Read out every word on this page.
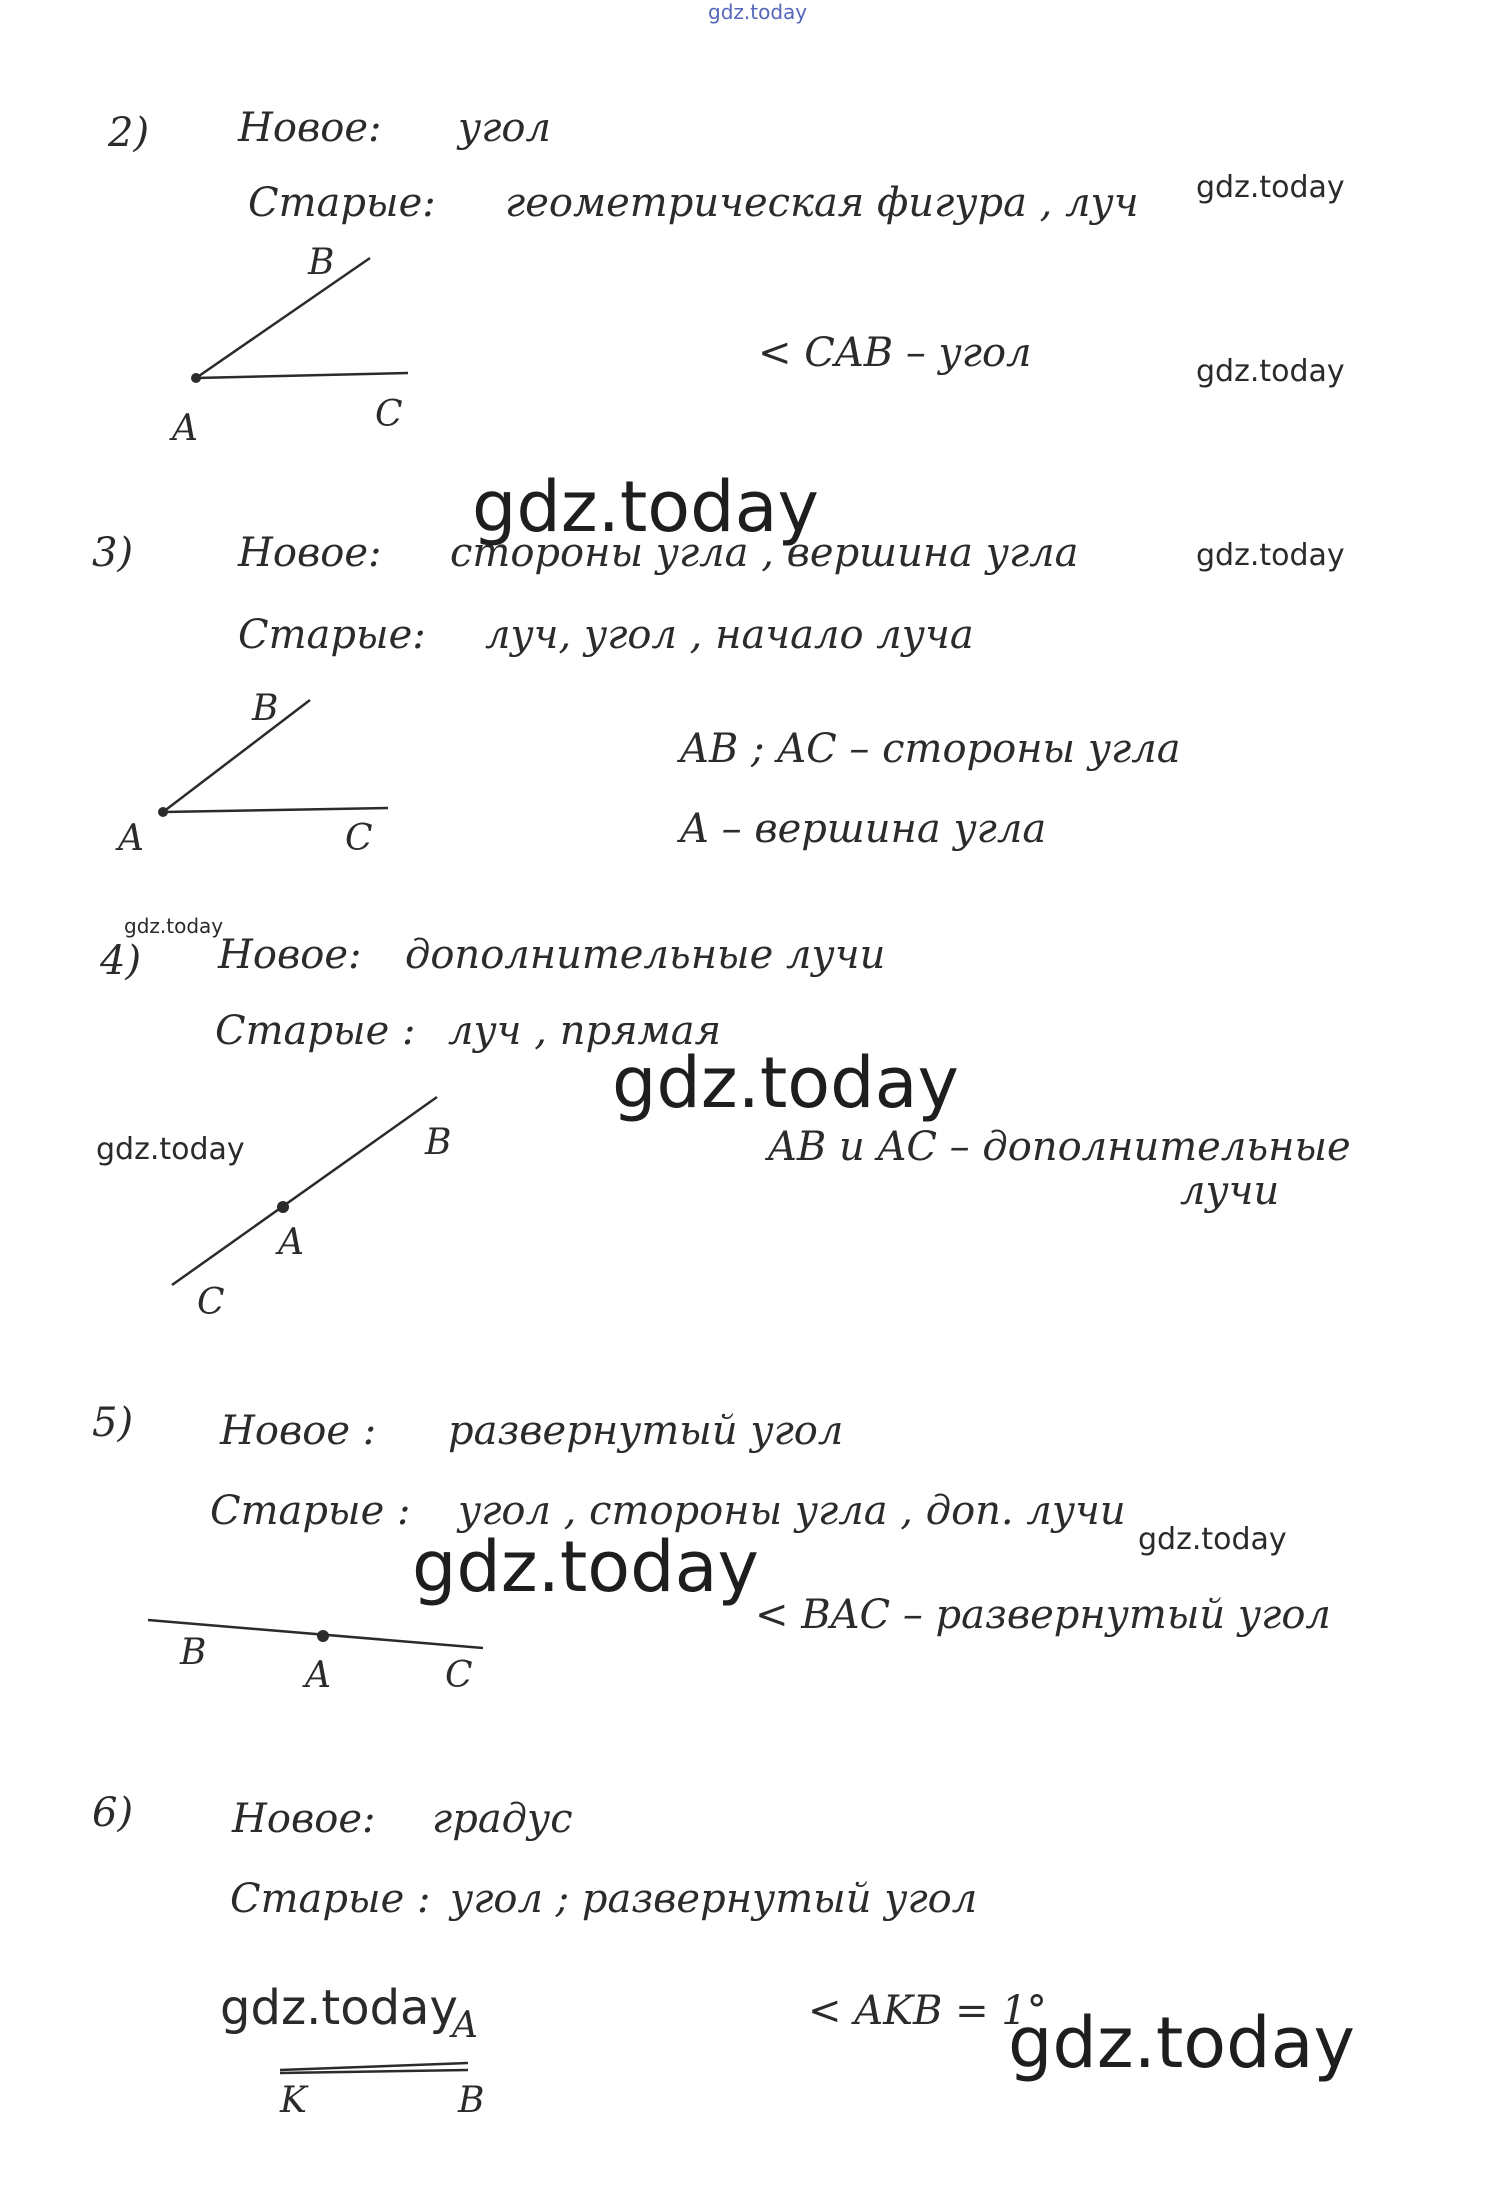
gdz.today
2) Новое: угол
Старые: геометрическая фигура , луч
B
A	C
< CAB – угол
3)	Новое: стороны угла , вершина угла
Старые: луч, угол , начало луча
B
A	C
AB ; AC – стороны угла
A – вершина угла
4) Новое: дополнительные лучи
Старые : луч , прямая
B
A
C
AB и AC – дополнительные
лучи
5) Новое : развернутый угол
Старые : угол , стороны угла , доп. лучи
B
A	C
< BAC – развернутый угол
6) Новое: градус
Старые : угол ; развернутый угол
A
K	B
< AKB = 1°
gdz.today
gdz.today
gdz.today
gdz.today
gdz.today
gdz.today
gdz.today
gdz.today
gdz.today
gdz.today	gdz.today
